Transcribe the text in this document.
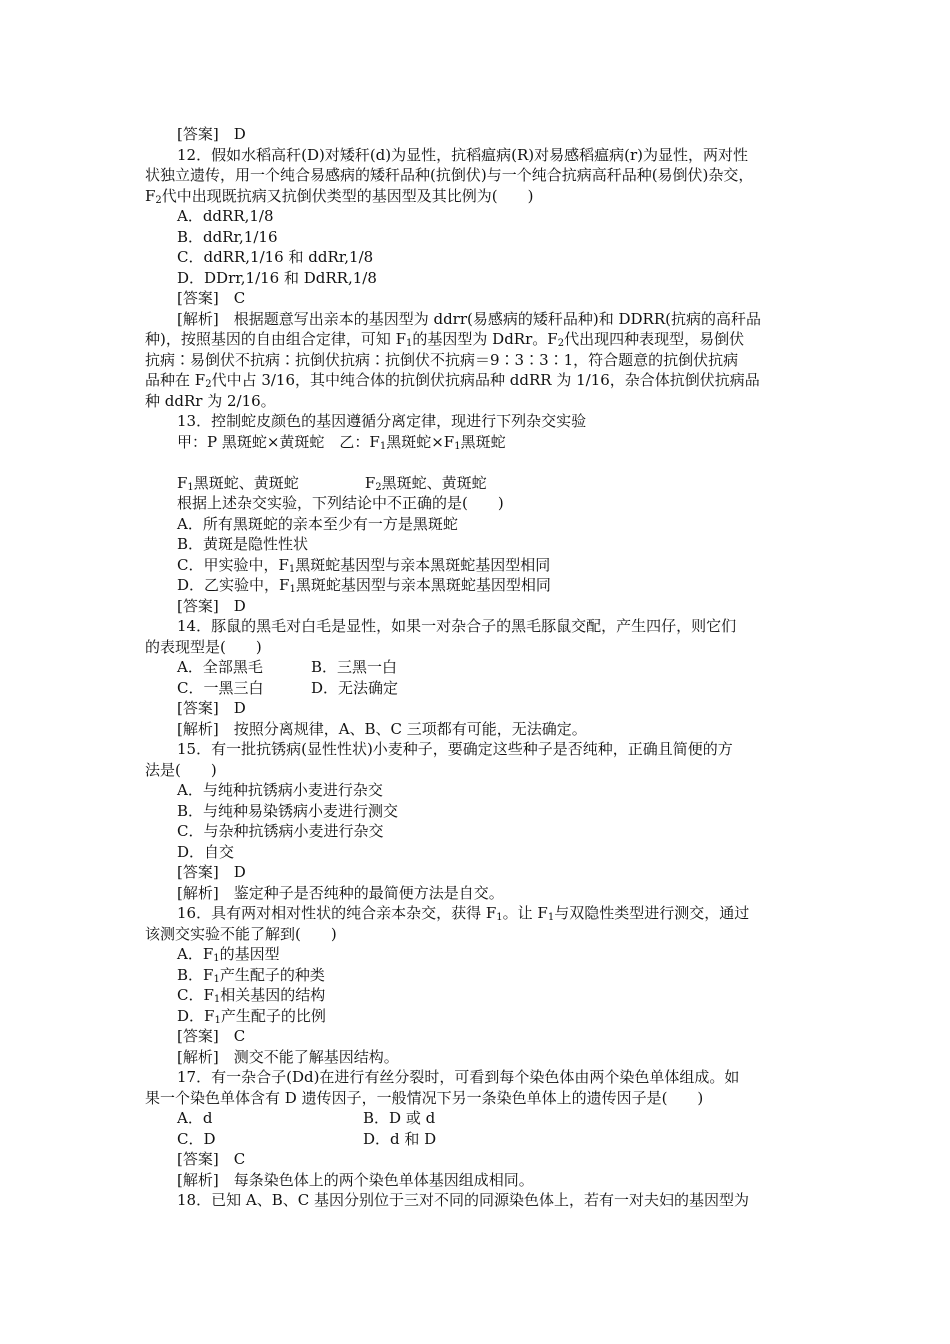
[答案]　D
12．假如水稻高秆(D)对矮秆(d)为显性，抗稻瘟病(R)对易感稻瘟病(r)为显性，两对性
状独立遗传，用一个纯合易感病的矮秆品种(抗倒伏)与一个纯合抗病高秆品种(易倒伏)杂交，
$F_2$代中出现既抗病又抗倒伏类型的基因型及其比例为(　　)
A．ddRR,1/8
B．ddRr,1/16
C．ddRR,1/16 和 ddRr,1/8
D．DDrr,1/16 和 DdRR,1/8
[答案]　C
[解析]　根据题意写出亲本的基因型为 ddrr(易感病的矮秆品种)和 DDRR(抗病的高秆品
种)，按照基因的自由组合定律，可知 $F_1$的基因型为 DdRr。$F_2$代出现四种表现型，易倒伏
抗病∶易倒伏不抗病∶抗倒伏抗病∶抗倒伏不抗病＝9∶3∶3∶1，符合题意的抗倒伏抗病
品种在 $F_2$代中占 3/16，其中纯合体的抗倒伏抗病品种 ddRR 为 1/16，杂合体抗倒伏抗病品
种 ddRr 为 2/16。
13．控制蛇皮颜色的基因遵循分离定律，现进行下列杂交实验
甲：P 黑斑蛇×黄斑蛇　乙：$F_1$黑斑蛇$\times F_1$黑斑蛇
$F_1$黑斑蛇、黄斑蛇	$F_2$黑斑蛇、黄斑蛇
根据上述杂交实验，下列结论中不正确的是(　　)
A．所有黑斑蛇的亲本至少有一方是黑斑蛇
B．黄斑是隐性性状
C．甲实验中，$F_1$黑斑蛇基因型与亲本黑斑蛇基因型相同
D．乙实验中，$F_1$黑斑蛇基因型与亲本黑斑蛇基因型相同
[答案]　D
14．豚鼠的黑毛对白毛是显性，如果一对杂合子的黑毛豚鼠交配，产生四仔，则它们
的表现型是(　　)
A．全部黑毛	B．三黑一白
C．一黑三白	D．无法确定
[答案]　D
[解析]　按照分离规律，A、B、C 三项都有可能，无法确定。
15．有一批抗锈病(显性性状)小麦种子，要确定这些种子是否纯种，正确且简便的方
法是(　　)
A．与纯种抗锈病小麦进行杂交
B．与纯种易染锈病小麦进行测交
C．与杂种抗锈病小麦进行杂交
D．自交
[答案]　D
[解析]　鉴定种子是否纯种的最简便方法是自交。
16．具有两对相对性状的纯合亲本杂交，获得 $F_1$。让 $F_1$与双隐性类型进行测交，通过
该测交实验不能了解到(　　)
A．$F_1$的基因型
B．$F_1$产生配子的种类
C．$F_1$相关基因的结构
D．$F_1$产生配子的比例
[答案]　C
[解析]　测交不能了解基因结构。
17．有一杂合子(Dd)在进行有丝分裂时，可看到每个染色体由两个染色单体组成。如
果一个染色单体含有 D 遗传因子，一般情况下另一条染色单体上的遗传因子是(　　)
A．d	B．D 或 d
C．D	D．d 和 D
[答案]　C
[解析]　每条染色体上的两个染色单体基因组成相同。
18．已知 A、B、C 基因分别位于三对不同的同源染色体上，若有一对夫妇的基因型为
